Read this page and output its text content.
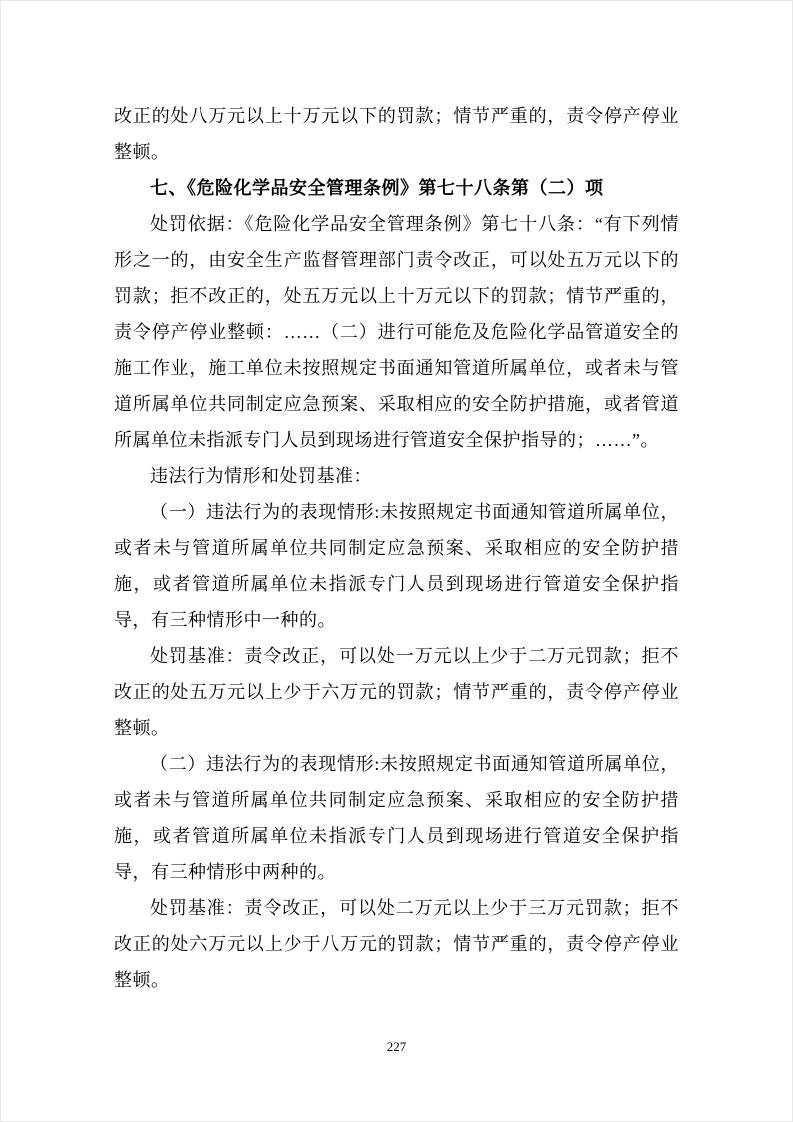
改正的处八万元以上十万元以下的罚款；情节严重的，责令停产停业整顿。

七、《危险化学品安全管理条例》第七十八条第（二）项

处罚依据：《危险化学品安全管理条例》第七十八条：“有下列情形之一的，由安全生产监督管理部门责令改正，可以处五万元以下的罚款；拒不改正的，处五万元以上十万元以下的罚款；情节严重的，责令停产停业整顿：……（二）进行可能危及危险化学品管道安全的施工作业，施工单位未按照规定书面通知管道所属单位，或者未与管道所属单位共同制定应急预案、采取相应的安全防护措施，或者管道所属单位未指派专门人员到现场进行管道安全保护指导的；……”。

违法行为情形和处罚基准：

（一）违法行为的表现情形:未按照规定书面通知管道所属单位，或者未与管道所属单位共同制定应急预案、采取相应的安全防护措施，或者管道所属单位未指派专门人员到现场进行管道安全保护指导，有三种情形中一种的。

处罚基准：责令改正，可以处一万元以上少于二万元罚款；拒不改正的处五万元以上少于六万元的罚款；情节严重的，责令停产停业整顿。

（二）违法行为的表现情形:未按照规定书面通知管道所属单位，或者未与管道所属单位共同制定应急预案、采取相应的安全防护措施，或者管道所属单位未指派专门人员到现场进行管道安全保护指导，有三种情形中两种的。

处罚基准：责令改正，可以处二万元以上少于三万元罚款；拒不改正的处六万元以上少于八万元的罚款；情节严重的，责令停产停业整顿。

227
